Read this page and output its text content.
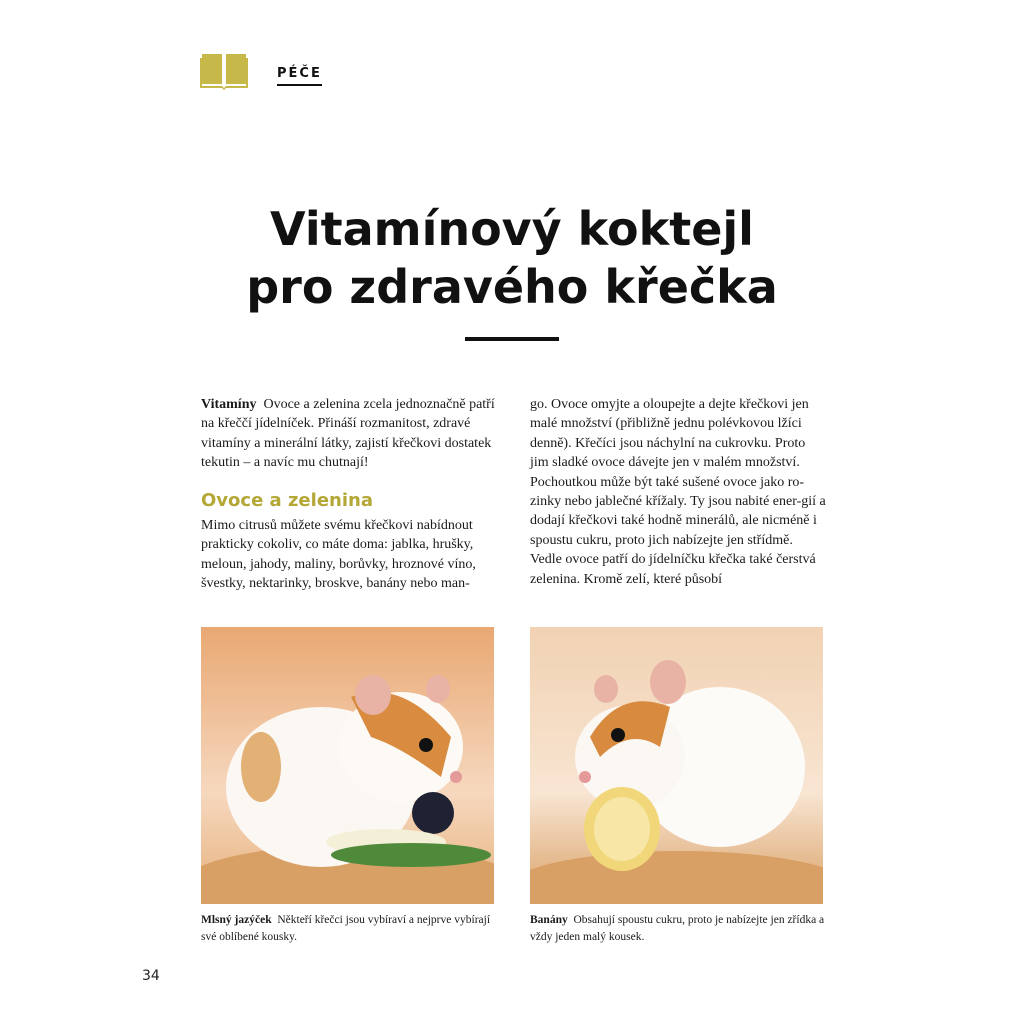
PÉČE
Vitamínový koktejl
pro zdravého křečka

Vitamíny Ovoce a zelenina zcela jednoznačně patří na křeččí jídelníček. Přináší rozmanitost, zdravé vitamíny a minerální látky, zajistí křečkovi dostatek tekutin – a navíc mu chutnají!

Ovoce a zelenina

Mimo citrusů můžete svému křečkovi nabídnout prakticky cokoliv, co máte doma: jablka, hrušky, meloun, jahody, maliny, borůvky, hroznové víno, švestky, nektarinky, broskve, banány nebo man-

go. Ovoce omyjte a oloupejte a dejte křečkovi jen malé množství (přibližně jednu polévkovou lžíci denně). Křečíci jsou náchylní na cukrovku. Proto jim sladké ovoce dávejte jen v malém množství. Pochoutkou může být také sušené ovoce jako ro-zinky nebo jablečné křížaly. Ty jsou nabité ener-gií a dodají křečkovi také hodně minerálů, ale nicméně i spoustu cukru, proto jich nabízejte jen střídmě.

Vedle ovoce patří do jídelníčku křečka také čerstvá zelenina. Kromě zelí, které působí

Mlsný jazýček Někteří křečci jsou vybíraví a nejprve vybírají své oblíbené kousky.
Banány Obsahují spoustu cukru, proto je nabízejte jen zřídka a vždy jeden malý kousek.
34
